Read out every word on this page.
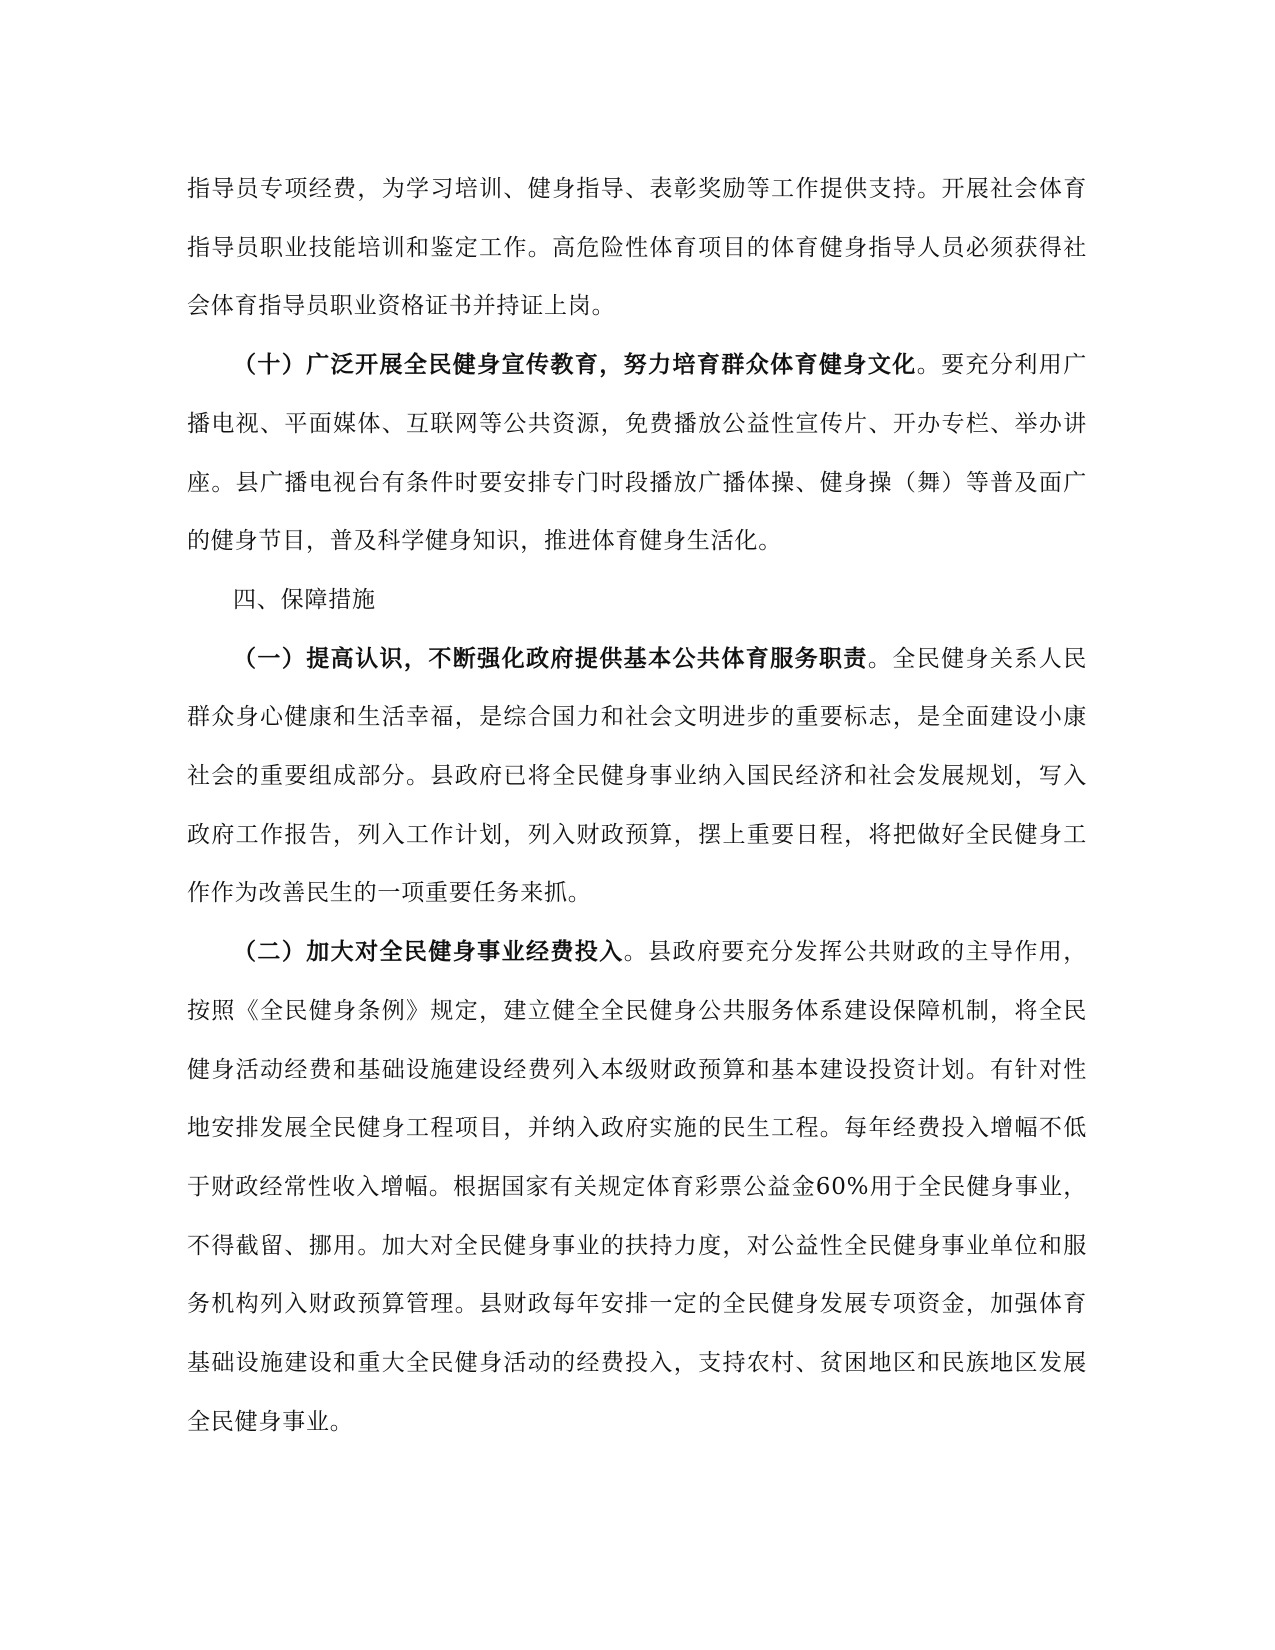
指导员专项经费，为学习培训、健身指导、表彰奖励等工作提供支持。开展社会体育指导员职业技能培训和鉴定工作。高危险性体育项目的体育健身指导人员必须获得社会体育指导员职业资格证书并持证上岗。

（十）广泛开展全民健身宣传教育，努力培育群众体育健身文化。要充分利用广播电视、平面媒体、互联网等公共资源，免费播放公益性宣传片、开办专栏、举办讲座。县广播电视台有条件时要安排专门时段播放广播体操、健身操（舞）等普及面广的健身节目，普及科学健身知识，推进体育健身生活化。

四、保障措施

（一）提高认识，不断强化政府提供基本公共体育服务职责。全民健身关系人民群众身心健康和生活幸福，是综合国力和社会文明进步的重要标志，是全面建设小康社会的重要组成部分。县政府已将全民健身事业纳入国民经济和社会发展规划，写入政府工作报告，列入工作计划，列入财政预算，摆上重要日程，将把做好全民健身工作作为改善民生的一项重要任务来抓。

（二）加大对全民健身事业经费投入。县政府要充分发挥公共财政的主导作用，按照《全民健身条例》规定，建立健全全民健身公共服务体系建设保障机制，将全民健身活动经费和基础设施建设经费列入本级财政预算和基本建设投资计划。有针对性地安排发展全民健身工程项目，并纳入政府实施的民生工程。每年经费投入增幅不低于财政经常性收入增幅。根据国家有关规定体育彩票公益金60%用于全民健身事业，不得截留、挪用。加大对全民健身事业的扶持力度，对公益性全民健身事业单位和服务机构列入财政预算管理。县财政每年安排一定的全民健身发展专项资金，加强体育基础设施建设和重大全民健身活动的经费投入，支持农村、贫困地区和民族地区发展全民健身事业。
